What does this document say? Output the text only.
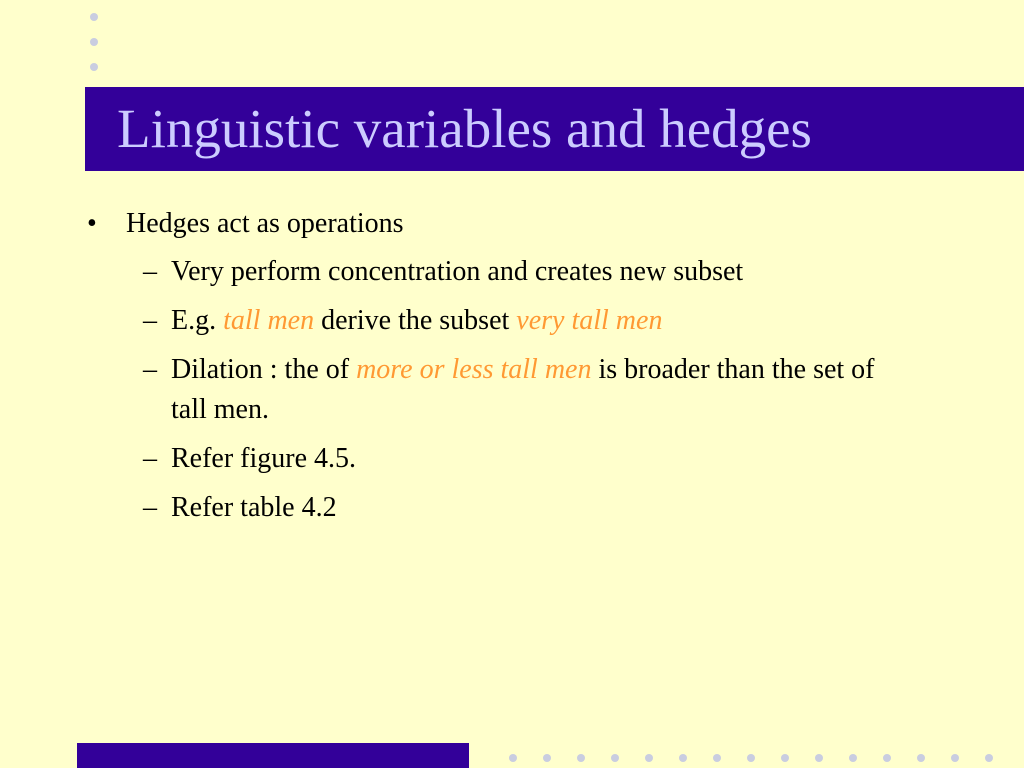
Linguistic variables and hedges
• Hedges act as operations
– Very perform concentration and creates new subset
– E.g. tall men derive the subset very tall men
– Dilation : the of more or less tall men is broader than the set of tall men.
– Refer figure 4.5.
– Refer table 4.2
